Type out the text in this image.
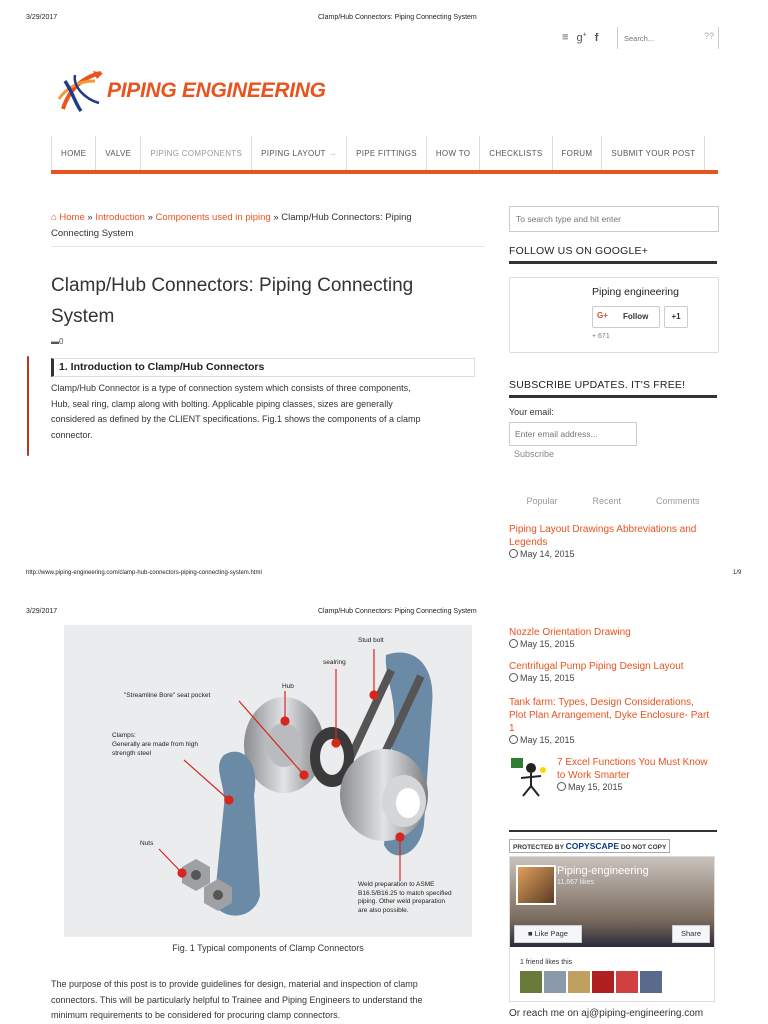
3/29/2017	Clamp/Hub Connectors: Piping Connecting System
≡ g+ f
Search...	??
PIPING ENGINEERING
HOME	VALVE	PIPING COMPONENTS	PIPING LAYOUT →	PIPE FITTINGS	HOW TO	CHECKLISTS	FORUM	SUBMIT YOUR POST
⌂ Home » Introduction » Components used in piping » Clamp/Hub Connectors: Piping
Connecting System
Clamp/Hub Connectors: Piping Connecting
System
▬0
1. Introduction to Clamp/Hub Connectors
Clamp/Hub Connector is a type of connection system which consists of three components,
Hub, seal ring, clamp along with bolting. Applicable piping classes, sizes are generally
considered as defined by the CLIENT specifications. Fig.1 shows the components of a clamp
connector.
To search type and hit enter
FOLLOW US ON GOOGLE+
Piping engineering
G+ Follow	+1
+ 671
SUBSCRIBE UPDATES. IT'S FREE!
Your email:
Enter email address...
Subscribe
Popular	Recent	Comments
Piping Layout Drawings Abbreviations and
Legends
May 14, 2015
http://www.piping-engineering.com/clamp-hub-connectors-piping-connecting-system.html	1/9
3/29/2017	Clamp/Hub Connectors: Piping Connecting System
Stud bolt
sealring
Hub
"Streamline Bore" seat pocket
Clamps:
Generally are made from high
strength steel
Nuts
Weld preparation to ASME
B16.5/B16.25 to match specified
piping. Other weld preparation
are also possible.
Fig. 1 Typical components of Clamp Connectors
The purpose of this post is to provide guidelines for design, material and inspection of clamp
connectors. This will be particularly helpful to Trainee and Piping Engineers to understand the
minimum requirements to be considered for procuring clamp connectors.
Nozzle Orientation Drawing
May 15, 2015
Centrifugal Pump Piping Design Layout
May 15, 2015
Tank farm: Types, Design Considerations,
Plot Plan Arrangement, Dyke Enclosure- Part
1
May 15, 2015
7 Excel Functions You Must Know
to Work Smarter
May 15, 2015
PROTECTED BY COPYSCAPE DO NOT COPY
Piping-engineering
11,667 likes
■ Like Page	Share
1 friend likes this
Or reach me on aj@piping-engineering.com
